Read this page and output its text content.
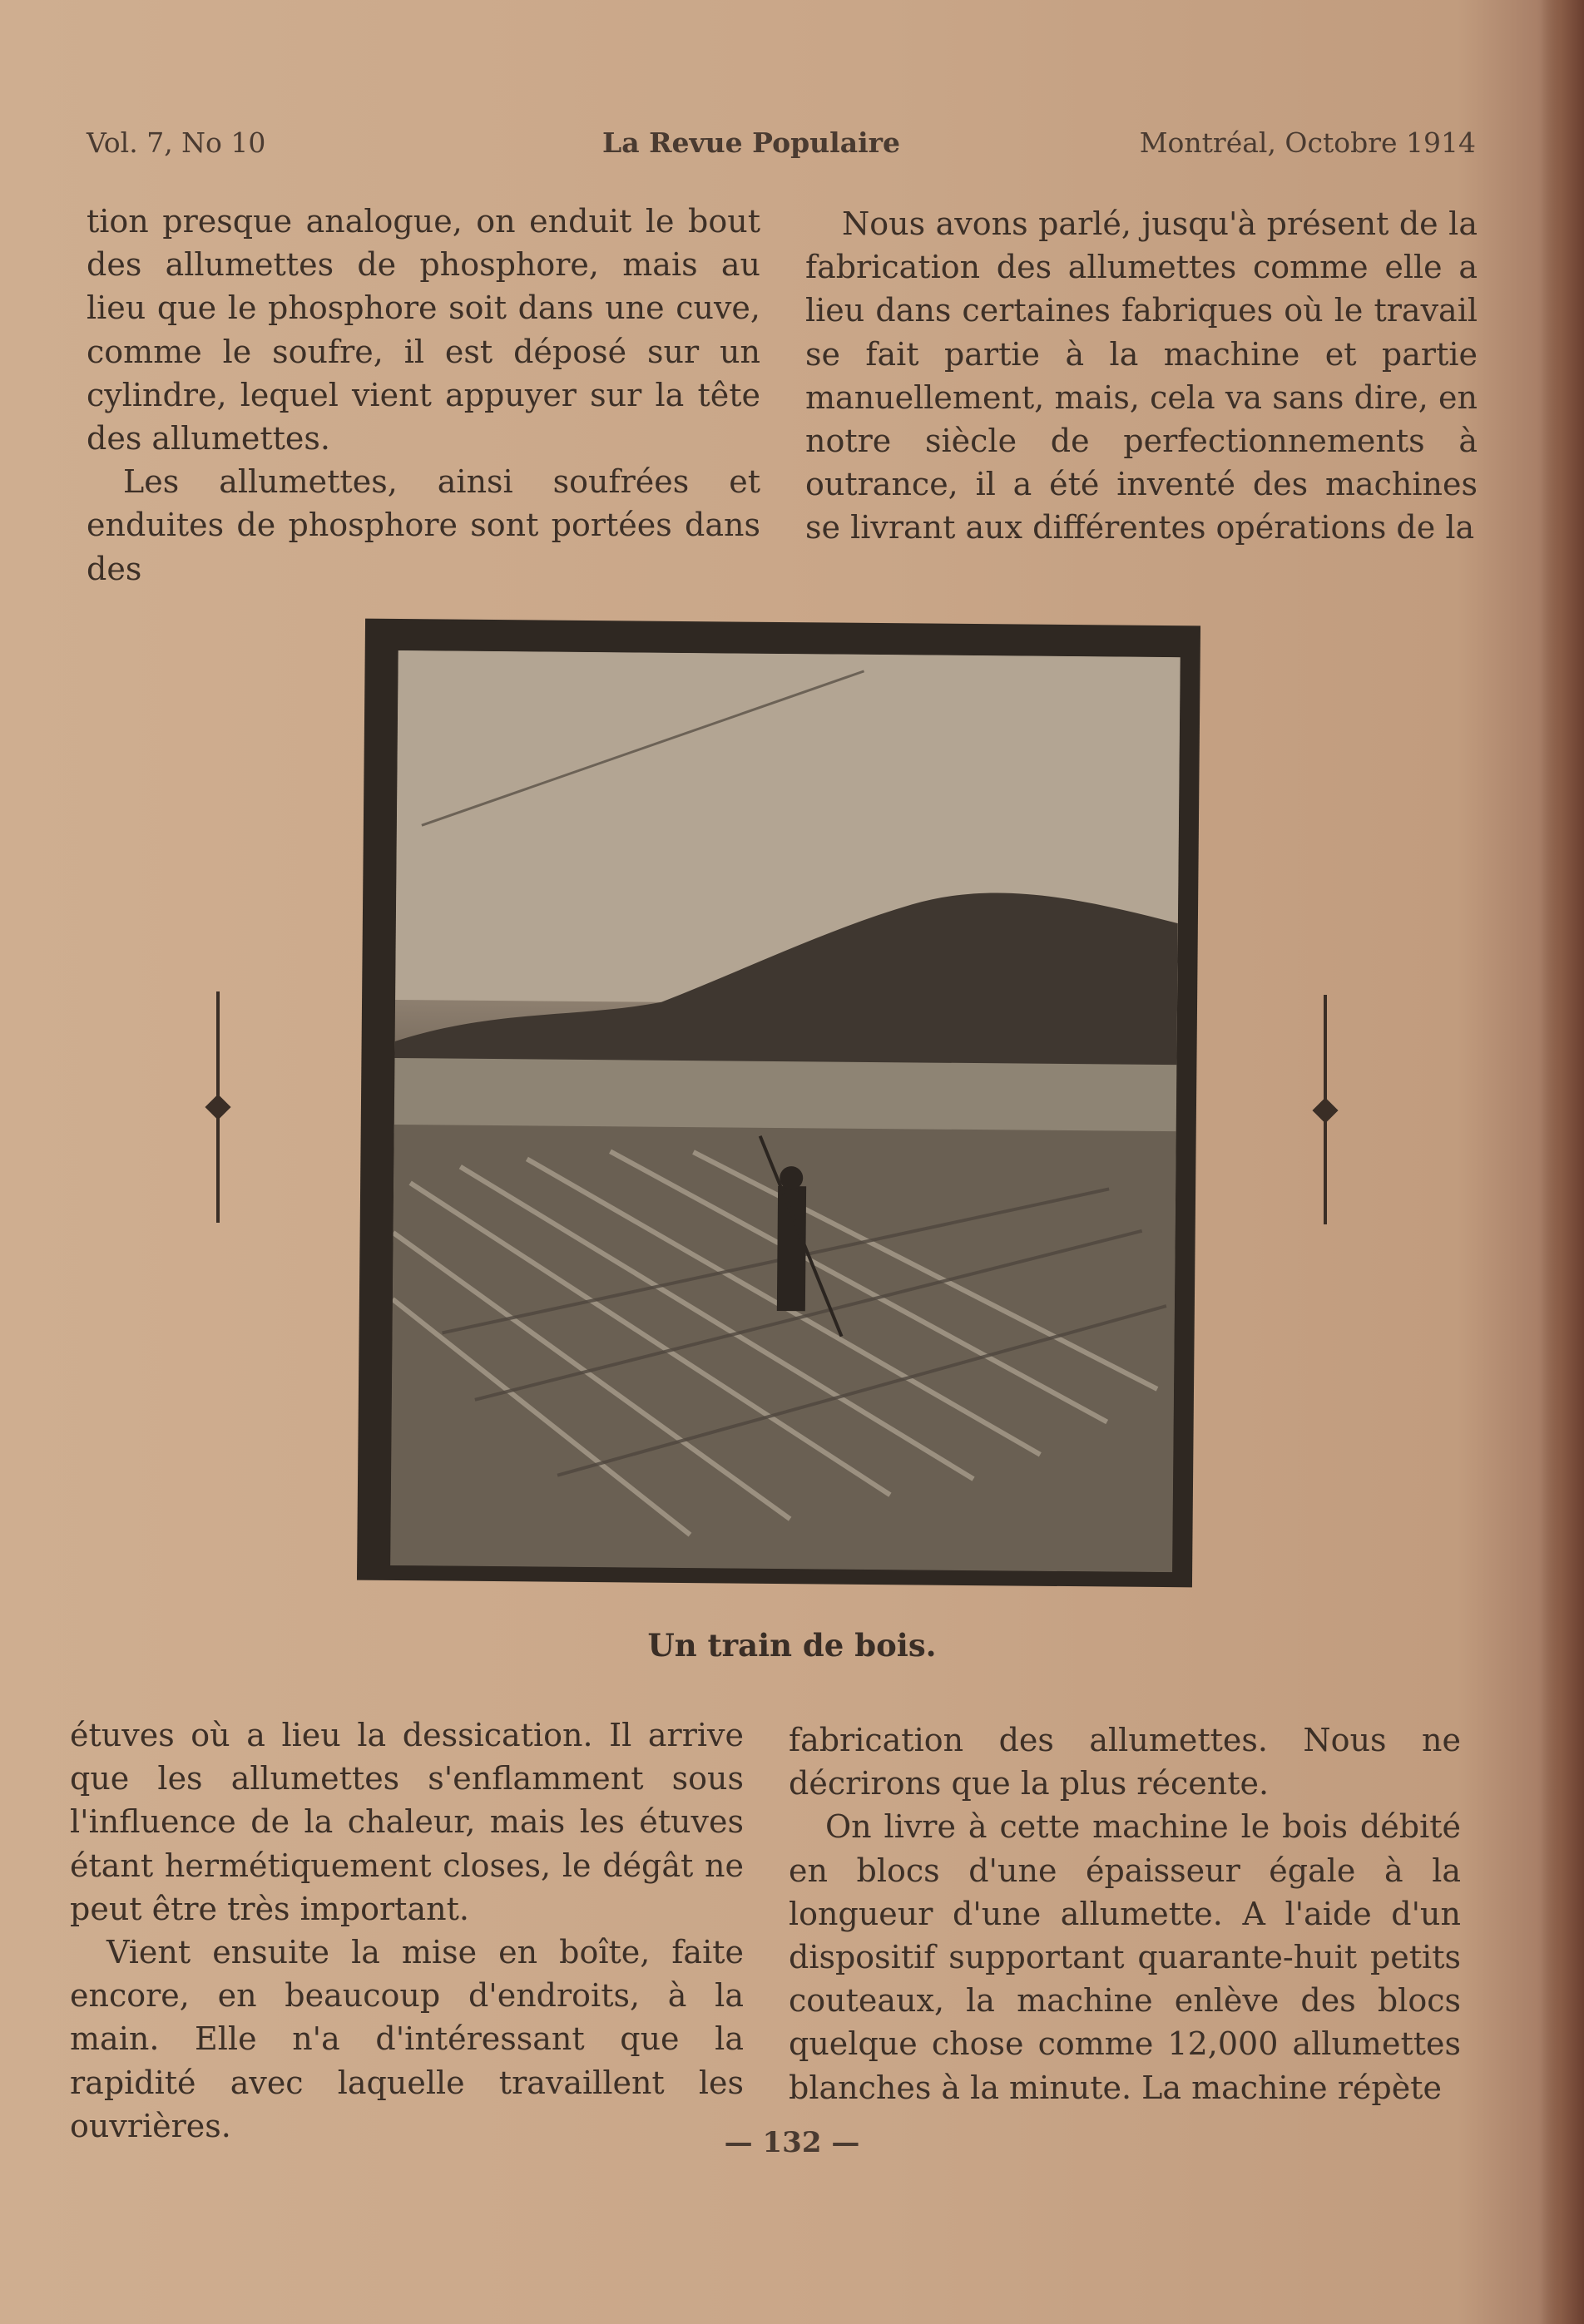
Vol. 7, No 10	La Revue Populaire	Montréal, Octobre 1914

tion presque analogue, on enduit le bout des allumettes de phosphore, mais au lieu que le phosphore soit dans une cuve, comme le soufre, il est déposé sur un cylindre, lequel vient appuyer sur la tête des allumettes.

Les allumettes, ainsi soufrées et enduites de phosphore sont portées dans des

Nous avons parlé, jusqu'à présent de la fabrication des allumettes comme elle a lieu dans certaines fabriques où le travail se fait partie à la machine et partie manuellement, mais, cela va sans dire, en notre siècle de perfectionnements à outrance, il a été inventé des machines se livrant aux différentes opérations de la

Un train de bois.

étuves où a lieu la dessication. Il arrive que les allumettes s'enflamment sous l'influence de la chaleur, mais les étuves étant hermétiquement closes, le dégât ne peut être très important.

Vient ensuite la mise en boîte, faite encore, en beaucoup d'endroits, à la main. Elle n'a d'intéressant que la rapidité avec laquelle travaillent les ouvrières.

fabrication des allumettes. Nous ne décrirons que la plus récente.

On livre à cette machine le bois débité en blocs d'une épaisseur égale à la longueur d'une allumette. A l'aide d'un dispositif supportant quarante-huit petits couteaux, la machine enlève des blocs quelque chose comme 12,000 allumettes blanches à la minute. La machine répète

— 132 —
